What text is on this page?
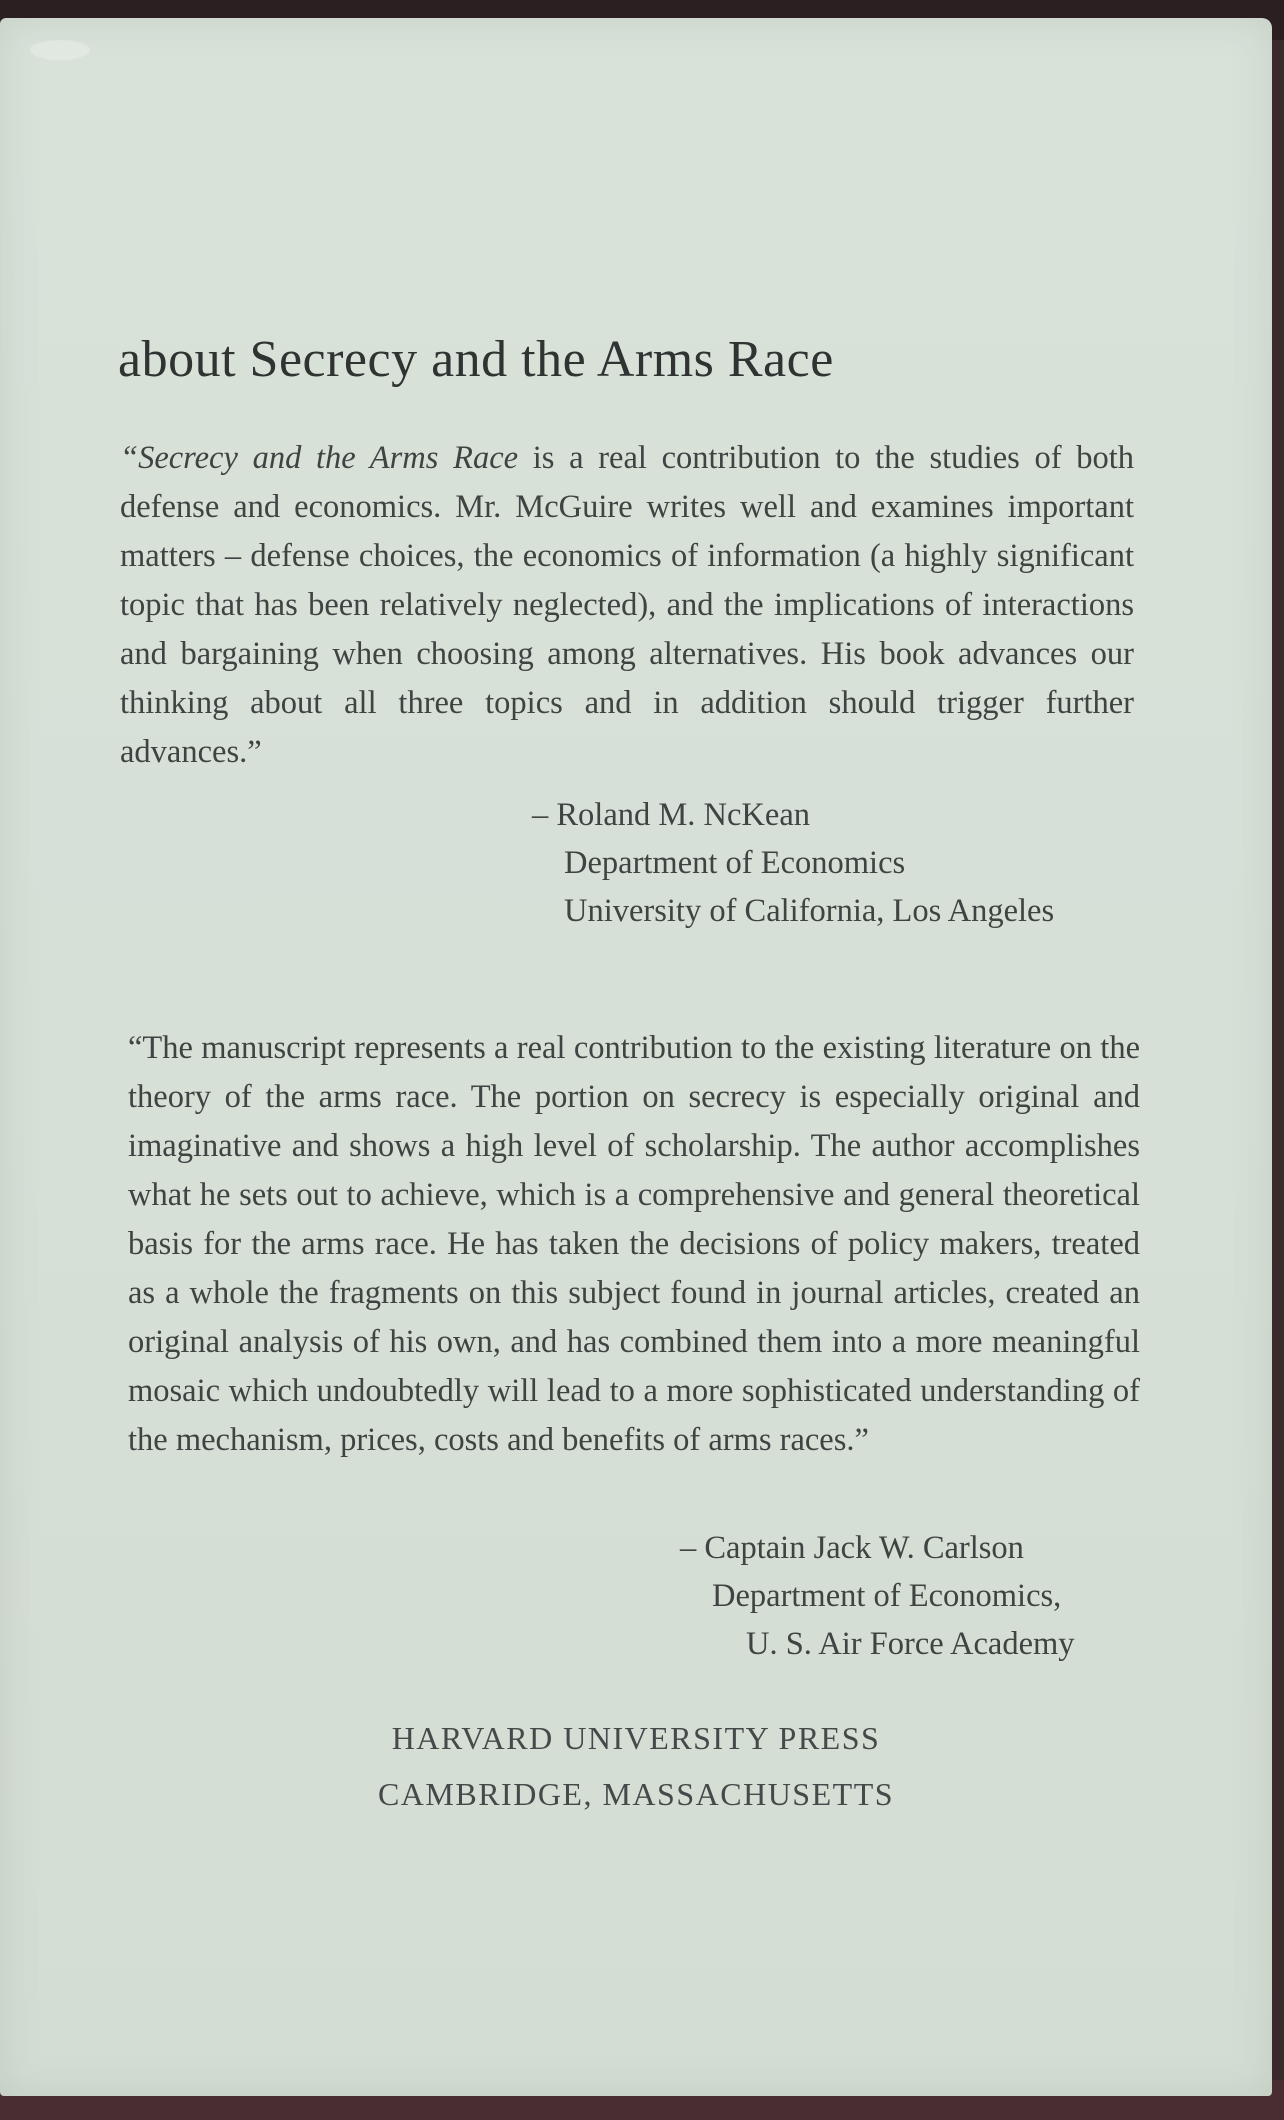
about Secrecy and the Arms Race

“Secrecy and the Arms Race is a real contribution to the studies of both defense and economics. Mr. McGuire writes well and examines important matters – defense choices, the economics of information (a highly significant topic that has been relatively neglected), and the implications of interactions and bargaining when choosing among alternatives. His book advances our thinking about all three topics and in addition should trigger further advances.”

– Roland M. NcKean
Department of Economics
University of California, Los Angeles

“The manuscript represents a real contribution to the existing literature on the theory of the arms race. The portion on secrecy is especially original and imaginative and shows a high level of scholarship. The author accomplishes what he sets out to achieve, which is a comprehensive and general theoretical basis for the arms race. He has taken the decisions of policy makers, treated as a whole the fragments on this subject found in journal articles, created an original analysis of his own, and has combined them into a more meaningful mosaic which undoubtedly will lead to a more sophisticated understanding of the mechanism, prices, costs and benefits of arms races.”

– Captain Jack W. Carlson
Department of Economics,
U. S. Air Force Academy
HARVARD UNIVERSITY PRESS
CAMBRIDGE, MASSACHUSETTS
